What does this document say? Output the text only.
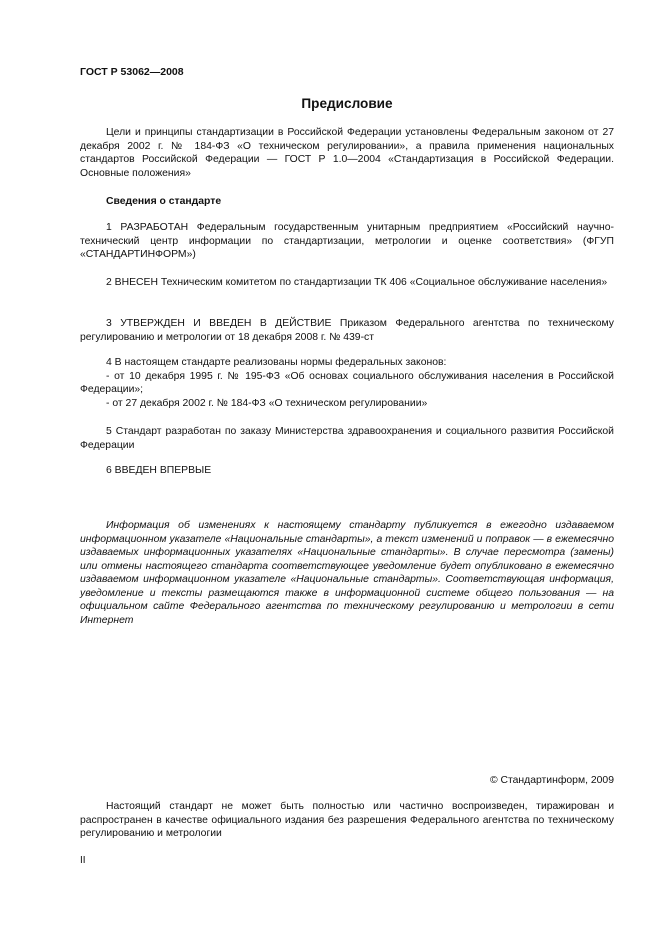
ГОСТ Р 53062—2008
Предисловие

Цели и принципы стандартизации в Российской Федерации установлены Федеральным законом от 27 декабря 2002 г. № 184-ФЗ «О техническом регулировании», а правила применения национальных стандартов Российской Федерации — ГОСТ Р 1.0—2004 «Стандартизация в Российской Федерации. Основные положения»

Сведения о стандарте

1 РАЗРАБОТАН Федеральным государственным унитарным предприятием «Российский научно-технический центр информации по стандартизации, метрологии и оценке соответствия» (ФГУП «СТАНДАРТИНФОРМ»)

2 ВНЕСЕН Техническим комитетом по стандартизации ТК 406 «Социальное обслуживание населения»

3 УТВЕРЖДЕН И ВВЕДЕН В ДЕЙСТВИЕ Приказом Федерального агентства по техническому регулированию и метрологии от 18 декабря 2008 г. № 439-ст

4 В настоящем стандарте реализованы нормы федеральных законов:
- от 10 декабря 1995 г. № 195-ФЗ «Об основах социального обслуживания населения в Российской Федерации»;
- от 27 декабря 2002 г. № 184-ФЗ «О техническом регулировании»

5 Стандарт разработан по заказу Министерства здравоохранения и социального развития Российской Федерации

6 ВВЕДЕН ВПЕРВЫЕ

Информация об изменениях к настоящему стандарту публикуется в ежегодно издаваемом информационном указателе «Национальные стандарты», а текст изменений и поправок — в ежемесячно издаваемых информационных указателях «Национальные стандарты». В случае пересмотра (замены) или отмены настоящего стандарта соответствующее уведомление будет опубликовано в ежемесячно издаваемом информационном указателе «Национальные стандарты». Соответствующая информация, уведомление и тексты размещаются также в информационной системе общего пользования — на официальном сайте Федерального агентства по техническому регулированию и метрологии в сети Интернет

© Стандартинформ, 2009

Настоящий стандарт не может быть полностью или частично воспроизведен, тиражирован и распространен в качестве официального издания без разрешения Федерального агентства по техническому регулированию и метрологии

II
